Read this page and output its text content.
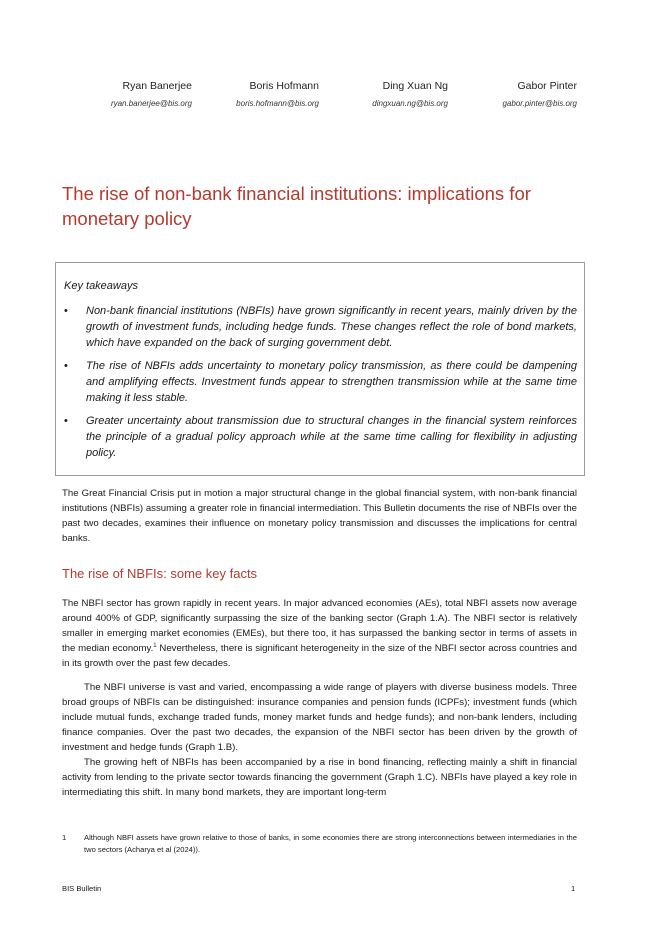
Ryan Banerjee
ryan.banerjee@bis.org
Boris Hofmann
boris.hofmann@bis.org
Ding Xuan Ng
dingxuan.ng@bis.org
Gabor Pinter
gabor.pinter@bis.org
The rise of non-bank financial institutions: implications for monetary policy
Key takeaways
• Non-bank financial institutions (NBFIs) have grown significantly in recent years, mainly driven by the growth of investment funds, including hedge funds. These changes reflect the role of bond markets, which have expanded on the back of surging government debt.
• The rise of NBFIs adds uncertainty to monetary policy transmission, as there could be dampening and amplifying effects. Investment funds appear to strengthen transmission while at the same time making it less stable.
• Greater uncertainty about transmission due to structural changes in the financial system reinforces the principle of a gradual policy approach while at the same time calling for flexibility in adjusting policy.

The Great Financial Crisis put in motion a major structural change in the global financial system, with non-bank financial institutions (NBFIs) assuming a greater role in financial intermediation. This Bulletin documents the rise of NBFIs over the past two decades, examines their influence on monetary policy transmission and discusses the implications for central banks.

The rise of NBFIs: some key facts

The NBFI sector has grown rapidly in recent years. In major advanced economies (AEs), total NBFI assets now average around 400% of GDP, significantly surpassing the size of the banking sector (Graph 1.A). The NBFI sector is relatively smaller in emerging market economies (EMEs), but there too, it has surpassed the banking sector in terms of assets in the median economy.$^1$ Nevertheless, there is significant heterogeneity in the size of the NBFI sector across countries and in its growth over the past few decades.

The NBFI universe is vast and varied, encompassing a wide range of players with diverse business models. Three broad groups of NBFIs can be distinguished: insurance companies and pension funds (ICPFs); investment funds (which include mutual funds, exchange traded funds, money market funds and hedge funds); and non-bank lenders, including finance companies. Over the past two decades, the expansion of the NBFI sector has been driven by the growth of investment and hedge funds (Graph 1.B).

The growing heft of NBFIs has been accompanied by a rise in bond financing, reflecting mainly a shift in financial activity from lending to the private sector towards financing the government (Graph 1.C). NBFIs have played a key role in intermediating this shift. In many bond markets, they are important long-term

1 Although NBFI assets have grown relative to those of banks, in some economies there are strong interconnections between intermediaries in the two sectors (Acharya et al (2024)).
BIS Bulletin	1
